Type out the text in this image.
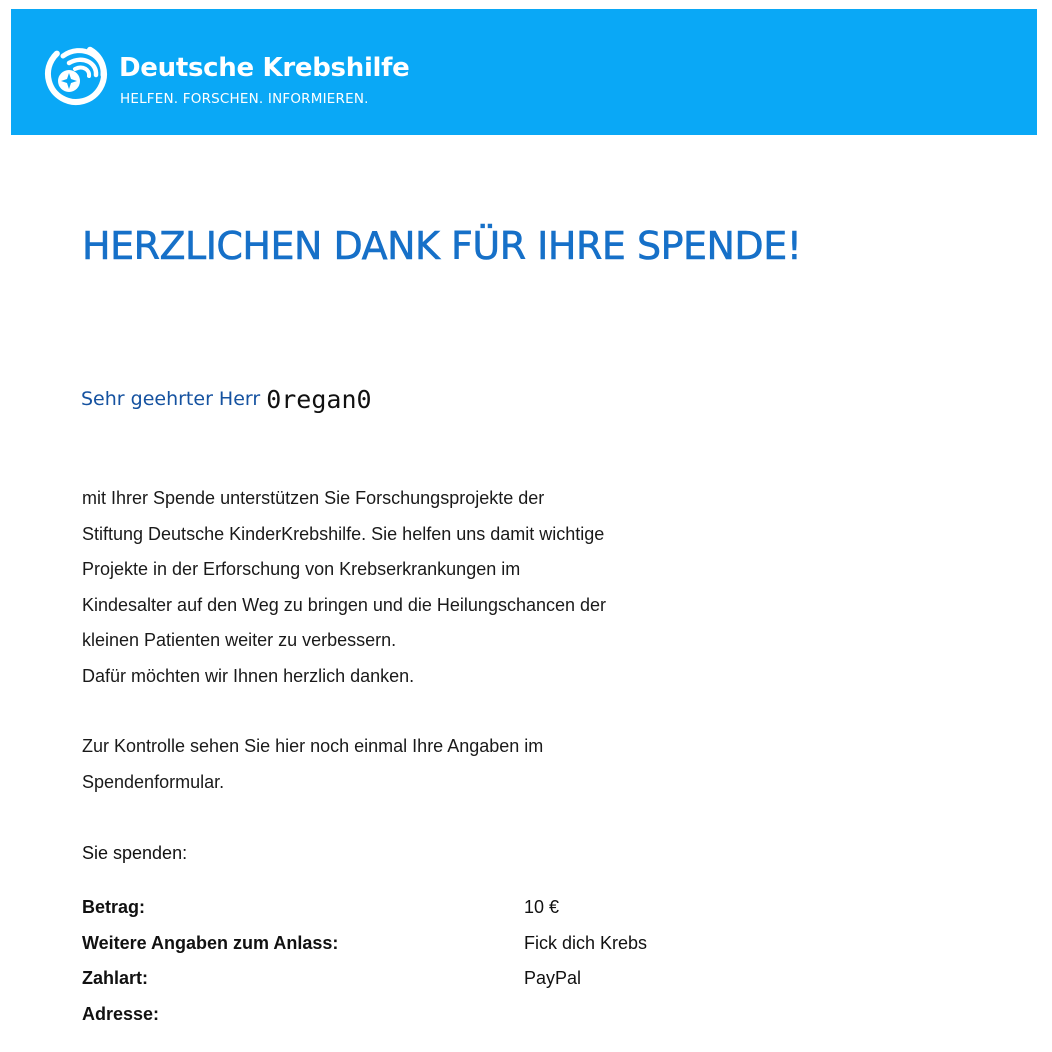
Deutsche Krebshilfe
HELFEN. FORSCHEN. INFORMIEREN.
HERZLICHEN DANK FÜR IHRE SPENDE!
Sehr geehrter Herr 0regan0
mit Ihrer Spende unterstützen Sie Forschungsprojekte der
Stiftung Deutsche KinderKrebshilfe. Sie helfen uns damit wichtige
Projekte in der Erforschung von Krebserkrankungen im
Kindesalter auf den Weg zu bringen und die Heilungschancen der
kleinen Patienten weiter zu verbessern.
Dafür möchten wir Ihnen herzlich danken.
Zur Kontrolle sehen Sie hier noch einmal Ihre Angaben im
Spendenformular.
Sie spenden:
Betrag:	10 €
Weitere Angaben zum Anlass:	Fick dich Krebs
Zahlart:	PayPal
Adresse:
